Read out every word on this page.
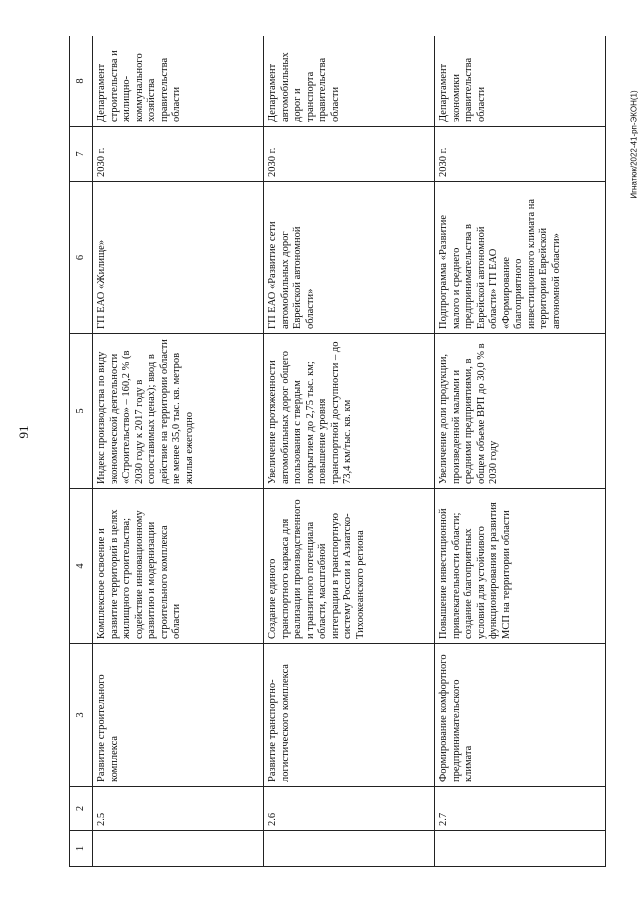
91
Игнатюк/2022-41-рп-ЭКОН(1)
1	2	3	4	5	6	7	8
	2.5	Развитие строительного комплекса	Комплексное освоение и развитие территорий в целях жилищного строительства; содействие инновационному развитию и модернизации строительного комплекса области	Индекс производства по виду экономической деятельности «Строительство» – 160,2 % (в 2030 году к 2017 году в сопоставимых ценах); ввод в действие на территории области не менее 35,0 тыс. кв. метров жилья ежегодно	ГП ЕАО «Жилище»	2030 г.	Департамент строительства и жилищно-коммунального хозяйства правительства области
	2.6	Развитие транспортно-логистического комплекса	Создание единого транспортного каркаса для реализации производственного и транзитного потенциала области, масштабной интеграции в транспортную систему России и Азиатско-Тихоокеанского региона	Увеличение протяженности автомобильных дорог общего пользования с твердым покрытием до 2,75 тыс. км; повышение уровня транспортной доступности – до 73,4 км/тыс. кв. км	ГП ЕАО «Развитие сети автомобильных дорог Еврейской автономной области»	2030 г.	Департамент автомобильных дорог и транспорта правительства области
	2.7	Формирование комфортного предпринимательского климата	Повышение инвестиционной привлекательности области; создание благоприятных условий для устойчивого функционирования и развития МСП на территории области	Увеличение доли продукции, произведенной малыми и средними предприятиями, в общем объеме ВРП до 30,0 % в 2030 году	Подпрограмма «Развитие малого и среднего предпринимательства в Еврейской автономной области» ГП ЕАО «Формирование благоприятного инвестиционного климата на территории Еврейской автономной области»	2030 г.	Департамент экономики правительства области
